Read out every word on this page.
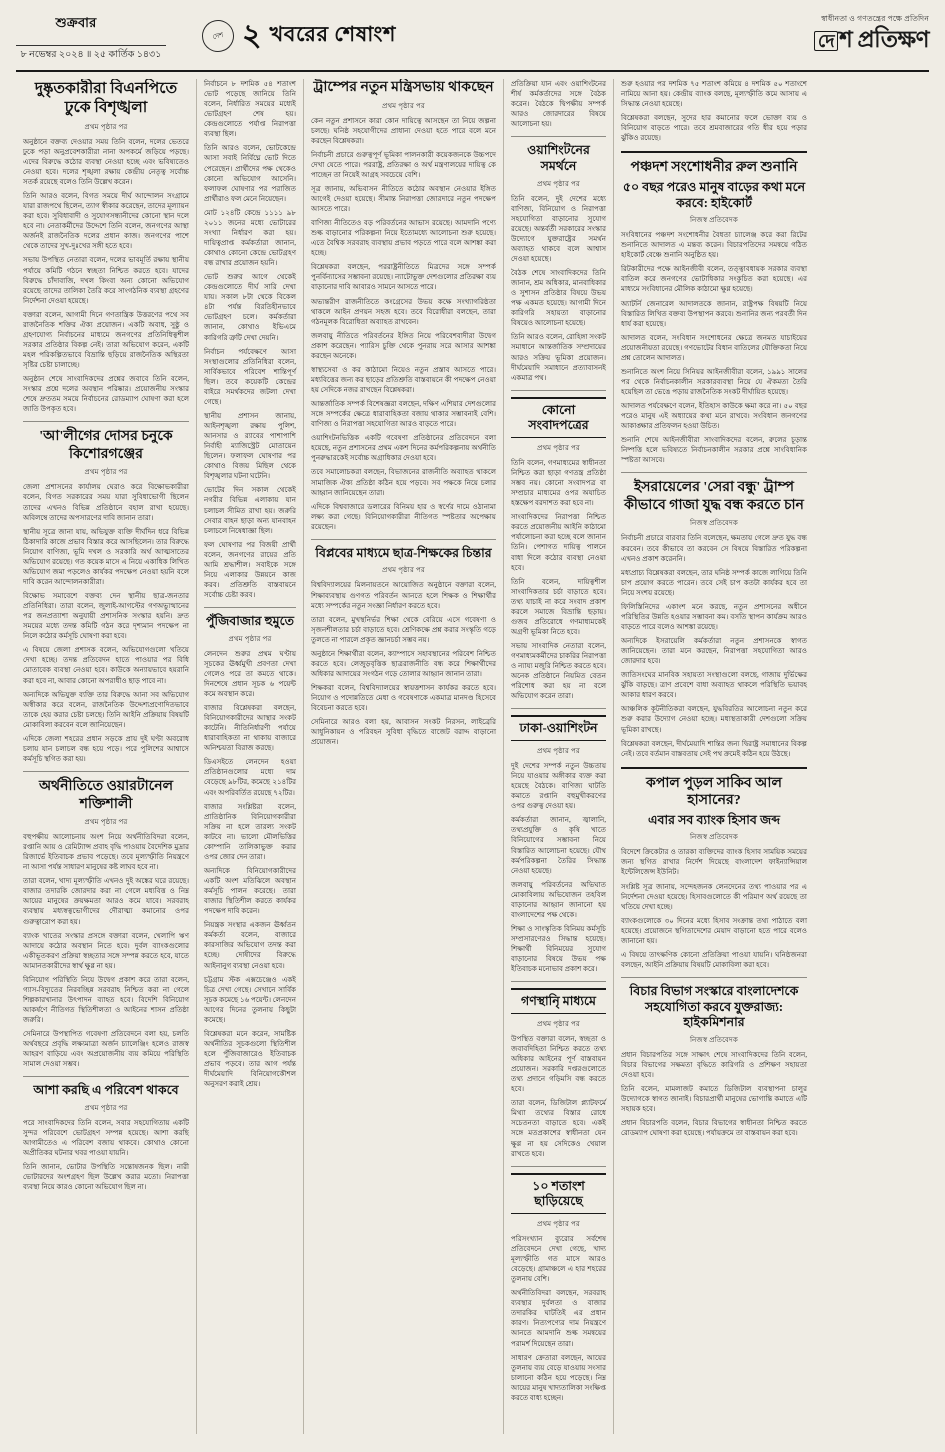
শুক্রবার
৮ নভেম্বর ২০২৪ ॥ ২৫ কার্তিক ১৪৩১
দেশ ২ খবরের শেষাংশ
স্বাধীনতা ও গণতন্ত্রের পক্ষে প্রতিদিন
দে শ প্রতিক্ষণ
দুষ্কৃতকারীরা বিএনপিতে ঢুকে বিশৃঙ্খলা
প্রথম পৃষ্ঠার পর

অনুষ্ঠানে বক্তব্য দেওয়ার সময় তিনি বলেন, দলের ভেতরে ঢুকে পড়া অনুপ্রবেশকারীরা নানা অপকর্মে জড়িয়ে পড়ছে। এদের বিরুদ্ধে কঠোর ব্যবস্থা নেওয়া হচ্ছে এবং ভবিষ্যতেও নেওয়া হবে। দলের শৃঙ্খলা রক্ষায় কেন্দ্রীয় নেতৃত্ব সর্বোচ্চ সতর্ক রয়েছে বলেও তিনি উল্লেখ করেন।

তিনি আরও বলেন, বিগত সময়ে দীর্ঘ আন্দোলন সংগ্রামে যারা রাজপথে ছিলেন, ত্যাগ স্বীকার করেছেন, তাদের মূল্যায়ন করা হবে। সুবিধাবাদী ও সুযোগসন্ধানীদের কোনো স্থান দলে হবে না। নেতাকর্মীদের উদ্দেশে তিনি বলেন, জনগণের আস্থা অর্জনই রাজনৈতিক দলের প্রধান কাজ। জনগণের পাশে থেকে তাদের সুখ-দুঃখের সঙ্গী হতে হবে।

সভায় উপস্থিত নেতারা বলেন, দলের ভাবমূর্তি রক্ষায় স্থানীয় পর্যায়ে কমিটি গঠনে স্বচ্ছতা নিশ্চিত করতে হবে। যাদের বিরুদ্ধে চাঁদাবাজি, দখল কিংবা অন্য কোনো অভিযোগ রয়েছে তাদের তালিকা তৈরি করে সাংগঠনিক ব্যবস্থা গ্রহণের নির্দেশনা দেওয়া হয়েছে।

বক্তারা বলেন, আগামী দিনে গণতান্ত্রিক উত্তরণের পথে সব রাজনৈতিক শক্তির ঐক্য প্রয়োজন। একটি অবাধ, সুষ্ঠু ও গ্রহণযোগ্য নির্বাচনের মাধ্যমে জনগণের প্রতিনিধিত্বশীল সরকার প্রতিষ্ঠার বিকল্প নেই। তারা অভিযোগ করেন, একটি মহল পরিকল্পিতভাবে বিভ্রান্তি ছড়িয়ে রাজনৈতিক অস্থিরতা সৃষ্টির চেষ্টা চালাচ্ছে।

অনুষ্ঠান শেষে সাংবাদিকদের প্রশ্নের জবাবে তিনি বলেন, সংস্কার প্রশ্নে দলের অবস্থান পরিষ্কার। প্রয়োজনীয় সংস্কার শেষে দ্রুততম সময়ে নির্বাচনের রোডম্যাপ ঘোষণা করা হলে জাতি উপকৃত হবে।

'আ'লীগের দোসর চনুকে কিশোরগঞ্জের
প্রথম পৃষ্ঠার পর

জেলা প্রশাসনের কার্যালয় ঘেরাও করে বিক্ষোভকারীরা বলেন, বিগত সরকারের সময় যারা সুবিধাভোগী ছিলেন তাদের এখনও বিভিন্ন প্রতিষ্ঠানে বহাল রাখা হয়েছে। অবিলম্বে তাদের অপসারণের দাবি জানান তারা।

স্থানীয় সূত্রে জানা যায়, অভিযুক্ত ব্যক্তি দীর্ঘদিন ধরে বিভিন্ন ঠিকাদারি কাজে প্রভাব বিস্তার করে আসছিলেন। তার বিরুদ্ধে নিয়োগ বাণিজ্য, ভূমি দখল ও সরকারি অর্থ আত্মসাতের অভিযোগ রয়েছে। গত কয়েক মাসে এ নিয়ে একাধিক লিখিত অভিযোগ জমা পড়লেও কার্যকর পদক্ষেপ নেওয়া হয়নি বলে দাবি করেন আন্দোলনকারীরা।

বিক্ষোভ সমাবেশে বক্তব্য দেন স্থানীয় ছাত্র-জনতার প্রতিনিধিরা। তারা বলেন, জুলাই-আগস্টের গণঅভ্যুত্থানের পর জনপ্রত্যাশা অনুযায়ী প্রশাসনিক সংস্কার হয়নি। দ্রুত সময়ের মধ্যে তদন্ত কমিটি গঠন করে দৃশ্যমান পদক্ষেপ না নিলে কঠোর কর্মসূচি ঘোষণা করা হবে।

এ বিষয়ে জেলা প্রশাসক বলেন, অভিযোগগুলো খতিয়ে দেখা হচ্ছে। তদন্ত প্রতিবেদন হাতে পাওয়ার পর বিধি মোতাবেক ব্যবস্থা নেওয়া হবে। কাউকে অন্যায়ভাবে হয়রানি করা হবে না, আবার কোনো অপরাধীও ছাড় পাবে না।

অন্যদিকে অভিযুক্ত ব্যক্তি তার বিরুদ্ধে আনা সব অভিযোগ অস্বীকার করে বলেন, রাজনৈতিক উদ্দেশ্যপ্রণোদিতভাবে তাকে হেয় করার চেষ্টা চলছে। তিনি আইনি প্রক্রিয়ায় বিষয়টি মোকাবিলা করবেন বলে জানিয়েছেন।

এদিকে জেলা শহরের প্রধান সড়কে প্রায় দুই ঘণ্টা অবরোধ চলায় যান চলাচল বন্ধ হয়ে পড়ে। পরে পুলিশের আশ্বাসে কর্মসূচি স্থগিত করা হয়।

অর্থনীতিতে ওয়ারটানেল শক্তিশালী
প্রথম পৃষ্ঠার পর

বহুপক্ষীয় আলোচনায় অংশ নিয়ে অর্থনীতিবিদরা বলেন, রপ্তানি আয় ও রেমিট্যান্স প্রবাহ বৃদ্ধি পাওয়ায় বৈদেশিক মুদ্রার রিজার্ভে ইতিবাচক প্রভাব পড়েছে। তবে মূল্যস্ফীতি নিয়ন্ত্রণে না আসা পর্যন্ত সাধারণ মানুষের কষ্ট লাঘব হবে না।

তারা বলেন, খাদ্য মূল্যস্ফীতি এখনও দুই অঙ্কের ঘরে রয়েছে। বাজার তদারকি জোরদার করা না গেলে মধ্যবিত্ত ও নিম্ন আয়ের মানুষের ক্রয়ক্ষমতা আরও কমে যাবে। সরবরাহ ব্যবস্থায় মধ্যস্বত্বভোগীদের দৌরাত্ম্য কমানোর ওপর গুরুত্বারোপ করা হয়।

ব্যাংক খাতের সংস্কার প্রসঙ্গে বক্তারা বলেন, খেলাপি ঋণ আদায়ে কঠোর অবস্থান নিতে হবে। দুর্বল ব্যাংকগুলোর একীভূতকরণ প্রক্রিয়া স্বচ্ছতার সঙ্গে সম্পন্ন করতে হবে, যাতে আমানতকারীদের স্বার্থ ক্ষুণ্ণ না হয়।

বিনিয়োগ পরিস্থিতি নিয়ে উদ্বেগ প্রকাশ করে তারা বলেন, গ্যাস-বিদ্যুতের নিরবচ্ছিন্ন সরবরাহ নিশ্চিত করা না গেলে শিল্পকারখানার উৎপাদন ব্যাহত হবে। বিদেশি বিনিয়োগ আকর্ষণে নীতিগত স্থিতিশীলতা ও আইনের শাসন প্রতিষ্ঠা জরুরি।

সেমিনারে উপস্থাপিত গবেষণা প্রতিবেদনে বলা হয়, চলতি অর্থবছরে প্রবৃদ্ধি লক্ষ্যমাত্রা অর্জন চ্যালেঞ্জিং হলেও রাজস্ব আহরণ বাড়িয়ে এবং অপ্রয়োজনীয় ব্যয় কমিয়ে পরিস্থিতি সামাল দেওয়া সম্ভব।

আশা করছি এ পরিবেশ থাকবে
প্রথম পৃষ্ঠার পর

পরে সাংবাদিকদের তিনি বলেন, সবার সহযোগিতায় একটি সুন্দর পরিবেশে ভোটগ্রহণ সম্পন্ন হয়েছে। আশা করছি আগামীতেও এ পরিবেশ বজায় থাকবে। কোথাও কোনো অপ্রীতিকর ঘটনার খবর পাওয়া যায়নি।

তিনি জানান, ভোটার উপস্থিতি সন্তোষজনক ছিল। নারী ভোটারদের অংশগ্রহণ ছিল উল্লেখ করার মতো। নিরাপত্তা ব্যবস্থা নিয়ে কারও কোনো অভিযোগ ছিল না।

নির্বাচনে ৮ দশমিক ৫৪ শতাংশ ভোট পড়েছে জানিয়ে তিনি বলেন, নির্ধারিত সময়ের মধ্যেই ভোটগ্রহণ শেষ হয়। কেন্দ্রগুলোতে পর্যাপ্ত নিরাপত্তা ব্যবস্থা ছিল।

তিনি আরও বলেন, ভোটকেন্দ্রে আসা সবাই নির্বিঘ্নে ভোট দিতে পেরেছেন। প্রার্থীদের পক্ষ থেকেও কোনো অভিযোগ আসেনি। ফলাফল ঘোষণার পর পরাজিত প্রার্থীরাও ফল মেনে নিয়েছেন।

মোট ১২৪টি কেন্দ্রে ১১১১ ৯৮ ২০১১ জনের মধ্যে ভোটারের সংখ্যা নির্ধারণ করা হয়। দায়িত্বপ্রাপ্ত কর্মকর্তারা জানান, কোথাও কোনো কেন্দ্রে ভোটগ্রহণ বন্ধ রাখার প্রয়োজন হয়নি।

ভোট শুরুর আগে থেকেই কেন্দ্রগুলোতে দীর্ঘ সারি দেখা যায়। সকাল ৮টা থেকে বিকেল ৪টা পর্যন্ত বিরতিহীনভাবে ভোটগ্রহণ চলে। কর্মকর্তারা জানান, কোথাও ইভিএমে কারিগরি ত্রুটি দেখা দেয়নি।

নির্বাচন পর্যবেক্ষণে আসা সংস্থাগুলোর প্রতিনিধিরা বলেন, সার্বিকভাবে পরিবেশ শান্তিপূর্ণ ছিল। তবে কয়েকটি কেন্দ্রের বাইরে সমর্থকদের জটলা দেখা গেছে।

স্থানীয় প্রশাসন জানায়, আইনশৃঙ্খলা রক্ষায় পুলিশ, আনসার ও র‍্যাবের পাশাপাশি নির্বাহী ম্যাজিস্ট্রেট মোতায়েন ছিলেন। ফলাফল ঘোষণার পর কোথাও বিজয় মিছিল থেকে বিশৃঙ্খলার ঘটনা ঘটেনি।

ভোটের দিন সকাল থেকেই নগরীর বিভিন্ন এলাকায় যান চলাচল সীমিত রাখা হয়। জরুরি সেবার বাহন ছাড়া অন্য যানবাহন চলাচলে নিষেধাজ্ঞা ছিল।

ফল ঘোষণার পর বিজয়ী প্রার্থী বলেন, জনগণের রায়ের প্রতি আমি শ্রদ্ধাশীল। সবাইকে সঙ্গে নিয়ে এলাকার উন্নয়নে কাজ করব। প্রতিশ্রুতি বাস্তবায়নে সর্বোচ্চ চেষ্টা করব।

পুঁজিবাজার হুমুতে
প্রথম পৃষ্ঠার পর

লেনদেন শুরুর প্রথম ঘণ্টায় সূচকের ঊর্ধ্বমুখী প্রবণতা দেখা গেলেও পরে তা কমতে থাকে। দিনশেষে প্রধান সূচক ৬ পয়েন্ট কমে অবস্থান করে।

বাজার বিশ্লেষকরা বলছেন, বিনিয়োগকারীদের আস্থার সংকট কাটেনি। নীতিনির্ধারণী পর্যায়ে ধারাবাহিকতা না থাকায় বাজারে অনিশ্চয়তা বিরাজ করছে।

ডিএসইতে লেনদেন হওয়া প্রতিষ্ঠানগুলোর মধ্যে দাম বেড়েছে ৯৮টির, কমেছে ২১৪টির এবং অপরিবর্তিত রয়েছে ৭২টির।

বাজার সংশ্লিষ্টরা বলেন, প্রাতিষ্ঠানিক বিনিয়োগকারীরা সক্রিয় না হলে তারল্য সংকট কাটবে না। ভালো মৌলভিত্তির কোম্পানি তালিকাভুক্ত করার ওপর জোর দেন তারা।

অন্যদিকে বিনিয়োগকারীদের একটি অংশ মতিঝিলে অবস্থান কর্মসূচি পালন করেছে। তারা বাজার স্থিতিশীল করতে কার্যকর পদক্ষেপ দাবি করেন।

নিয়ন্ত্রক সংস্থার একজন ঊর্ধ্বতন কর্মকর্তা বলেন, বাজারে কারসাজির অভিযোগ তদন্ত করা হচ্ছে। দোষীদের বিরুদ্ধে আইনানুগ ব্যবস্থা নেওয়া হবে।

চট্টগ্রাম স্টক এক্সচেঞ্জেও একই চিত্র দেখা গেছে। সেখানে সার্বিক সূচক কমেছে ১৬ পয়েন্ট। লেনদেন আগের দিনের তুলনায় কিছুটা কমেছে।

বিশ্লেষকরা মনে করেন, সামষ্টিক অর্থনীতির সূচকগুলো স্থিতিশীল হলে পুঁজিবাজারেও ইতিবাচক প্রভাব পড়বে। তার আগ পর্যন্ত দীর্ঘমেয়াদি বিনিয়োগকৌশল অনুসরণ করাই শ্রেয়।

ট্রাম্পের নতুন মন্ত্রিসভায় থাকছেন
প্রথম পৃষ্ঠার পর

কেন নতুন প্রশাসনে কারা কোন দায়িত্বে আসছেন তা নিয়ে জল্পনা চলছে। ঘনিষ্ঠ সহযোগীদের প্রাধান্য দেওয়া হতে পারে বলে মনে করছেন বিশ্লেষকরা।

নির্বাচনী প্রচারে গুরুত্বপূর্ণ ভূমিকা পালনকারী কয়েকজনকে উচ্চপদে দেখা যেতে পারে। পররাষ্ট্র, প্রতিরক্ষা ও অর্থ মন্ত্রণালয়ের দায়িত্ব কে পাচ্ছেন তা নিয়েই আগ্রহ সবচেয়ে বেশি।

সূত্র জানায়, অভিবাসন নীতিতে কঠোর অবস্থান নেওয়ার ইঙ্গিত আগেই দেওয়া হয়েছে। সীমান্ত নিরাপত্তা জোরদারে নতুন পদক্ষেপ আসতে পারে।

বাণিজ্য নীতিতেও বড় পরিবর্তনের আভাস রয়েছে। আমদানি পণ্যে শুল্ক বাড়ানোর পরিকল্পনা নিয়ে ইতোমধ্যে আলোচনা শুরু হয়েছে। এতে বৈশ্বিক সরবরাহ ব্যবস্থায় প্রভাব পড়তে পারে বলে আশঙ্কা করা হচ্ছে।

বিশ্লেষকরা বলছেন, পররাষ্ট্রনীতিতে মিত্রদের সঙ্গে সম্পর্ক পুনর্বিন্যাসের সম্ভাবনা রয়েছে। ন্যাটোভুক্ত দেশগুলোর প্রতিরক্ষা ব্যয় বাড়ানোর দাবি আবারও সামনে আসতে পারে।

অভ্যন্তরীণ রাজনীতিতে কংগ্রেসের উভয় কক্ষে সংখ্যাগরিষ্ঠতা থাকলে আইন প্রণয়ন সহজ হবে। তবে বিরোধীরা বলছেন, তারা গঠনমূলক বিরোধিতা অব্যাহত রাখবেন।

জলবায়ু নীতিতে পরিবর্তনের ইঙ্গিত নিয়ে পরিবেশবাদীরা উদ্বেগ প্রকাশ করেছেন। প্যারিস চুক্তি থেকে পুনরায় সরে আসার আশঙ্কা করছেন অনেকে।

স্বাস্থ্যসেবা ও কর কাঠামো নিয়েও নতুন প্রস্তাব আসতে পারে। মধ্যবিত্তের জন্য কর ছাড়ের প্রতিশ্রুতি বাস্তবায়নে কী পদক্ষেপ নেওয়া হয় সেদিকে নজর রাখছেন বিশ্লেষকরা।

আন্তর্জাতিক সম্পর্ক বিশেষজ্ঞরা বলছেন, দক্ষিণ এশিয়ার দেশগুলোর সঙ্গে সম্পর্কের ক্ষেত্রে ধারাবাহিকতা বজায় থাকার সম্ভাবনাই বেশি। বাণিজ্য ও নিরাপত্তা সহযোগিতা আরও বাড়তে পারে।

ওয়াশিংটনভিত্তিক একটি গবেষণা প্রতিষ্ঠানের প্রতিবেদনে বলা হয়েছে, নতুন প্রশাসনের প্রথম একশ দিনের কর্মপরিকল্পনায় অর্থনীতি পুনরুদ্ধারকেই সর্বোচ্চ অগ্রাধিকার দেওয়া হবে।

তবে সমালোচকরা বলছেন, বিভাজনের রাজনীতি অব্যাহত থাকলে সামাজিক ঐক্য প্রতিষ্ঠা কঠিন হয়ে পড়বে। সব পক্ষকে নিয়ে চলার আহ্বান জানিয়েছেন তারা।

এদিকে বিশ্ববাজারে ডলারের বিনিময় হার ও স্বর্ণের দামে ওঠানামা লক্ষ্য করা গেছে। বিনিয়োগকারীরা নীতিগত স্পষ্টতার অপেক্ষায় রয়েছেন।

বিপ্লবের মাধ্যমে ছাত্র-শিক্ষকের চিন্তার
প্রথম পৃষ্ঠার পর

বিশ্ববিদ্যালয়ের মিলনায়তনে আয়োজিত অনুষ্ঠানে বক্তারা বলেন, শিক্ষাব্যবস্থায় গুণগত পরিবর্তন আনতে হলে শিক্ষক ও শিক্ষার্থীর মধ্যে সম্পর্কের নতুন সংজ্ঞা নির্ধারণ করতে হবে।

তারা বলেন, মুখস্থনির্ভর শিক্ষা থেকে বেরিয়ে এসে গবেষণা ও সৃজনশীলতার চর্চা বাড়াতে হবে। শ্রেণিকক্ষে প্রশ্ন করার সংস্কৃতি গড়ে তুলতে না পারলে প্রকৃত জ্ঞানচর্চা সম্ভব নয়।

অনুষ্ঠানে শিক্ষার্থীরা বলেন, ক্যাম্পাসে সহাবস্থানের পরিবেশ নিশ্চিত করতে হবে। লেজুড়বৃত্তিক ছাত্ররাজনীতি বন্ধ করে শিক্ষার্থীদের অধিকার আদায়ের সংগঠন গড়ে তোলার আহ্বান জানান তারা।

শিক্ষকরা বলেন, বিশ্ববিদ্যালয়ের স্বায়ত্তশাসন কার্যকর করতে হবে। নিয়োগ ও পদোন্নতিতে মেধা ও গবেষণাকে একমাত্র মানদণ্ড হিসেবে বিবেচনা করতে হবে।

সেমিনারে আরও বলা হয়, আবাসন সংকট নিরসন, লাইব্রেরি আধুনিকায়ন ও পরিবহন সুবিধা বৃদ্ধিতে বাজেট বরাদ্দ বাড়ানো প্রয়োজন।

প্রতিক্রিয়া যান এবং ওয়াশিংটনের শীর্ষ কর্মকর্তাদের সঙ্গে বৈঠক করেন। বৈঠকে দ্বিপক্ষীয় সম্পর্ক আরও জোরদারের বিষয়ে আলোচনা হয়।

ওয়াশিংটনের সমর্থনে
প্রথম পৃষ্ঠার পর

তিনি বলেন, দুই দেশের মধ্যে বাণিজ্য, বিনিয়োগ ও নিরাপত্তা সহযোগিতা বাড়ানোর সুযোগ রয়েছে। অন্তর্বর্তী সরকারের সংস্কার উদ্যোগে যুক্তরাষ্ট্রের সমর্থন অব্যাহত থাকবে বলে আশ্বাস দেওয়া হয়েছে।

বৈঠক শেষে সাংবাদিকদের তিনি জানান, শ্রম অধিকার, মানবাধিকার ও সুশাসন প্রতিষ্ঠার বিষয়ে উভয় পক্ষ একমত হয়েছে। আগামী দিনে কারিগরি সহায়তা বাড়ানোর বিষয়েও আলোচনা হয়েছে।

তিনি আরও বলেন, রোহিঙ্গা সংকট সমাধানে আন্তর্জাতিক সম্প্রদায়ের আরও সক্রিয় ভূমিকা প্রয়োজন। দীর্ঘমেয়াদি সমাধানে প্রত্যাবাসনই একমাত্র পথ।

কোনো সংবাদপত্রের
প্রথম পৃষ্ঠার পর

তিনি বলেন, গণমাধ্যমের স্বাধীনতা নিশ্চিত করা ছাড়া গণতন্ত্র প্রতিষ্ঠা সম্ভব নয়। কোনো সংবাদপত্র বা সম্প্রচার মাধ্যমের ওপর অযাচিত হস্তক্ষেপ বরদাশত করা হবে না।

সাংবাদিকদের নিরাপত্তা নিশ্চিত করতে প্রয়োজনীয় আইনি কাঠামো পর্যালোচনা করা হচ্ছে বলে জানান তিনি। পেশাগত দায়িত্ব পালনে বাধা দিলে কঠোর ব্যবস্থা নেওয়া হবে।

তিনি বলেন, দায়িত্বশীল সাংবাদিকতার চর্চা বাড়াতে হবে। তথ্য যাচাই না করে সংবাদ প্রকাশ করলে সমাজে বিভ্রান্তি ছড়ায়। গুজব প্রতিরোধে গণমাধ্যমকেই অগ্রণী ভূমিকা নিতে হবে।

সভায় সাংবাদিক নেতারা বলেন, গণমাধ্যমকর্মীদের চাকরির নিরাপত্তা ও ন্যায্য মজুরি নিশ্চিত করতে হবে। অনেক প্রতিষ্ঠানে নিয়মিত বেতন পরিশোধ করা হয় না বলে অভিযোগ করেন তারা।

ঢাকা-ওয়াশিংটন
প্রথম পৃষ্ঠার পর

দুই দেশের সম্পর্ক নতুন উচ্চতায় নিয়ে যাওয়ার অঙ্গীকার ব্যক্ত করা হয়েছে বৈঠকে। বাণিজ্য ঘাটতি কমাতে রপ্তানি বহুমুখীকরণের ওপর গুরুত্ব দেওয়া হয়।

কর্মকর্তারা জানান, জ্বালানি, তথ্যপ্রযুক্তি ও কৃষি খাতে বিনিয়োগের সম্ভাবনা নিয়ে বিস্তারিত আলোচনা হয়েছে। যৌথ কর্মপরিকল্পনা তৈরির সিদ্ধান্ত নেওয়া হয়েছে।

জলবায়ু পরিবর্তনের অভিঘাত মোকাবিলায় অভিযোজন তহবিল বাড়ানোর আহ্বান জানানো হয় বাংলাদেশের পক্ষ থেকে।

শিক্ষা ও সাংস্কৃতিক বিনিময় কর্মসূচি সম্প্রসারণেরও সিদ্ধান্ত হয়েছে। শিক্ষার্থী বিনিময়ের সুযোগ বাড়ানোর বিষয়ে উভয় পক্ষ ইতিবাচক মনোভাব প্রকাশ করে।

গণস্থানিৃ মাধ্যমে
প্রথম পৃষ্ঠার পর

উপস্থিত বক্তারা বলেন, স্বচ্ছতা ও জবাবদিহিতা নিশ্চিত করতে তথ্য অধিকার আইনের পূর্ণ বাস্তবায়ন প্রয়োজন। সরকারি দপ্তরগুলোতে তথ্য প্রদানে গড়িমসি বন্ধ করতে হবে।

তারা বলেন, ডিজিটাল প্ল্যাটফর্মে মিথ্যা তথ্যের বিস্তার রোধে সচেতনতা বাড়াতে হবে। একই সঙ্গে মতপ্রকাশের স্বাধীনতা যেন ক্ষুণ্ণ না হয় সেদিকেও খেয়াল রাখতে হবে।

১০ শতাংশ ছাড়িয়েছে
প্রথম পৃষ্ঠার পর

পরিসংখ্যান ব্যুরোর সর্বশেষ প্রতিবেদনে দেখা গেছে, খাদ্য মূল্যস্ফীতি গত মাসে আরও বেড়েছে। গ্রামাঞ্চলে এ হার শহরের তুলনায় বেশি।

অর্থনীতিবিদরা বলছেন, সরবরাহ ব্যবস্থার দুর্বলতা ও বাজার তদারকির ঘাটতিই এর প্রধান কারণ। নিত্যপণ্যের দাম নিয়ন্ত্রণে আনতে আমদানি শুল্ক সমন্বয়ের পরামর্শ দিয়েছেন তারা।

সাধারণ ক্রেতারা বলছেন, আয়ের তুলনায় ব্যয় বেড়ে যাওয়ায় সংসার চালানো কঠিন হয়ে পড়েছে। নিম্ন আয়ের মানুষ খাদ্যতালিকা সংক্ষিপ্ত করতে বাধ্য হচ্ছেন।

শুরু হওয়ার পর দশমিক ৭৫ শতাংশ কমিয়ে ৪ দশমিক ৫০ শতাংশে নামিয়ে আনা হয়। কেন্দ্রীয় ব্যাংক বলছে, মূল্যস্ফীতি কমে আসায় এ সিদ্ধান্ত নেওয়া হয়েছে।

বিশ্লেষকরা বলছেন, সুদের হার কমানোর ফলে ভোক্তা ব্যয় ও বিনিয়োগ বাড়তে পারে। তবে শ্রমবাজারের গতি ধীর হয়ে পড়ার ঝুঁকিও রয়েছে।

পঞ্চদশ সংশোধনীর রুল শুনানি
৫০ বছর পরেও মানুষ বাড়ের কথা মনে করবে: হাইকোর্ট
নিজস্ব প্রতিবেদক

সংবিধানের পঞ্চদশ সংশোধনীর বৈধতা চ্যালেঞ্জ করে করা রিটের শুনানিতে আদালত এ মন্তব্য করেন। বিচারপতিদের সমন্বয়ে গঠিত হাইকোর্ট বেঞ্চে শুনানি অনুষ্ঠিত হয়।

রিটকারীদের পক্ষে আইনজীবী বলেন, তত্ত্বাবধায়ক সরকার ব্যবস্থা বাতিল করে জনগণের ভোটাধিকার সংকুচিত করা হয়েছে। এর মাধ্যমে সংবিধানের মৌলিক কাঠামো ক্ষুণ্ণ হয়েছে।

অ্যাটর্নি জেনারেল আদালতকে জানান, রাষ্ট্রপক্ষ বিষয়টি নিয়ে বিস্তারিত লিখিত বক্তব্য উপস্থাপন করবে। শুনানির জন্য পরবর্তী দিন ধার্য করা হয়েছে।

আদালত বলেন, সংবিধান সংশোধনের ক্ষেত্রে জনমত যাচাইয়ের প্রয়োজনীয়তা রয়েছে। গণভোটের বিধান বাতিলের যৌক্তিকতা নিয়ে প্রশ্ন তোলেন আদালত।

শুনানিতে অংশ নিয়ে সিনিয়র আইনজীবীরা বলেন, ১৯৯১ সালের পর থেকে নির্বাচনকালীন সরকারব্যবস্থা নিয়ে যে ঐকমত্য তৈরি হয়েছিল তা ভেঙে পড়ায় রাজনৈতিক সংকট দীর্ঘায়িত হয়েছে।

আদালত পর্যবেক্ষণে বলেন, ইতিহাস কাউকে ক্ষমা করে না। ৫০ বছর পরেও মানুষ এই অধ্যায়ের কথা মনে রাখবে। সংবিধান জনগণের আকাঙ্ক্ষার প্রতিফলন হওয়া উচিত।

শুনানি শেষে আইনজীবীরা সাংবাদিকদের বলেন, রুলের চূড়ান্ত নিষ্পত্তি হলে ভবিষ্যতে নির্বাচনকালীন সরকার প্রশ্নে সাংবিধানিক স্পষ্টতা আসবে।

ইসরায়েলের 'সেরা বন্ধু' ট্রাম্প কীভাবে গাজা যুদ্ধ বন্ধ করতে চান
নিজস্ব প্রতিবেদক

নির্বাচনী প্রচারে বারবার তিনি বলেছেন, ক্ষমতায় গেলে দ্রুত যুদ্ধ বন্ধ করবেন। তবে কীভাবে তা করবেন সে বিষয়ে বিস্তারিত পরিকল্পনা এখনও প্রকাশ করেননি।

মধ্যপ্রাচ্য বিশ্লেষকরা বলছেন, তার ঘনিষ্ঠ সম্পর্ক কাজে লাগিয়ে তিনি চাপ প্রয়োগ করতে পারেন। তবে সেই চাপ কতটা কার্যকর হবে তা নিয়ে সংশয় রয়েছে।

ফিলিস্তিনিদের একাংশ মনে করছে, নতুন প্রশাসনের অধীনে পরিস্থিতির উন্নতি হওয়ার সম্ভাবনা কম। বসতি স্থাপন কার্যক্রম আরও বাড়তে পারে বলেও আশঙ্কা রয়েছে।

অন্যদিকে ইসরায়েলি কর্মকর্তারা নতুন প্রশাসনকে স্বাগত জানিয়েছেন। তারা মনে করছেন, নিরাপত্তা সহযোগিতা আরও জোরদার হবে।

জাতিসংঘের মানবিক সহায়তা সংস্থাগুলো বলছে, গাজায় দুর্ভিক্ষের ঝুঁকি বাড়ছে। ত্রাণ প্রবেশে বাধা অব্যাহত থাকলে পরিস্থিতি ভয়াবহ আকার ধারণ করবে।

আঞ্চলিক কূটনীতিকরা বলছেন, যুদ্ধবিরতির আলোচনা নতুন করে শুরু করার উদ্যোগ নেওয়া হচ্ছে। মধ্যস্থতাকারী দেশগুলো সক্রিয় ভূমিকা রাখছে।

বিশ্লেষকরা বলছেন, দীর্ঘমেয়াদি শান্তির জন্য দ্বিরাষ্ট্র সমাধানের বিকল্প নেই। তবে বর্তমান বাস্তবতায় সেই পথ ক্রমেই কঠিন হয়ে উঠছে।

কপাল পুড়ল সাকিব আল হাসানের?
এবার সব ব্যাংক হিসাব জব্দ
নিজস্ব প্রতিবেদক

বিদেশে ক্রিকেটার ও তারকা ব্যক্তিদের ব্যাংক হিসাব সাময়িক সময়ের জন্য স্থগিত রাখার নির্দেশ দিয়েছে বাংলাদেশ ফাইন্যান্সিয়াল ইন্টেলিজেন্স ইউনিট।

সংশ্লিষ্ট সূত্র জানায়, সন্দেহজনক লেনদেনের তথ্য পাওয়ার পর এ নির্দেশনা দেওয়া হয়েছে। হিসাবগুলোতে কী পরিমাণ অর্থ রয়েছে তা খতিয়ে দেখা হচ্ছে।

ব্যাংকগুলোকে ৩০ দিনের মধ্যে হিসাব সংক্রান্ত তথ্য পাঠাতে বলা হয়েছে। প্রয়োজনে স্থগিতাদেশের মেয়াদ বাড়ানো হতে পারে বলেও জানানো হয়।

এ বিষয়ে তাৎক্ষণিক কোনো প্রতিক্রিয়া পাওয়া যায়নি। ঘনিষ্ঠজনরা বলছেন, আইনি প্রক্রিয়ায় বিষয়টি মোকাবিলা করা হবে।

বিচার বিভাগ সংস্কারে বাংলাদেশকে সহযোগিতা করবে যুক্তরাজ্য: হাইকমিশনার
নিজস্ব প্রতিবেদক

প্রধান বিচারপতির সঙ্গে সাক্ষাৎ শেষে সাংবাদিকদের তিনি বলেন, বিচার বিভাগের সক্ষমতা বৃদ্ধিতে কারিগরি ও প্রশিক্ষণ সহায়তা দেওয়া হবে।

তিনি বলেন, মামলাজট কমাতে ডিজিটাল ব্যবস্থাপনা চালুর উদ্যোগকে স্বাগত জানাই। বিচারপ্রার্থী মানুষের ভোগান্তি কমাতে এটি সহায়ক হবে।

প্রধান বিচারপতি বলেন, বিচার বিভাগের স্বাধীনতা নিশ্চিত করতে রোডম্যাপ ঘোষণা করা হয়েছে। পর্যায়ক্রমে তা বাস্তবায়ন করা হবে।
